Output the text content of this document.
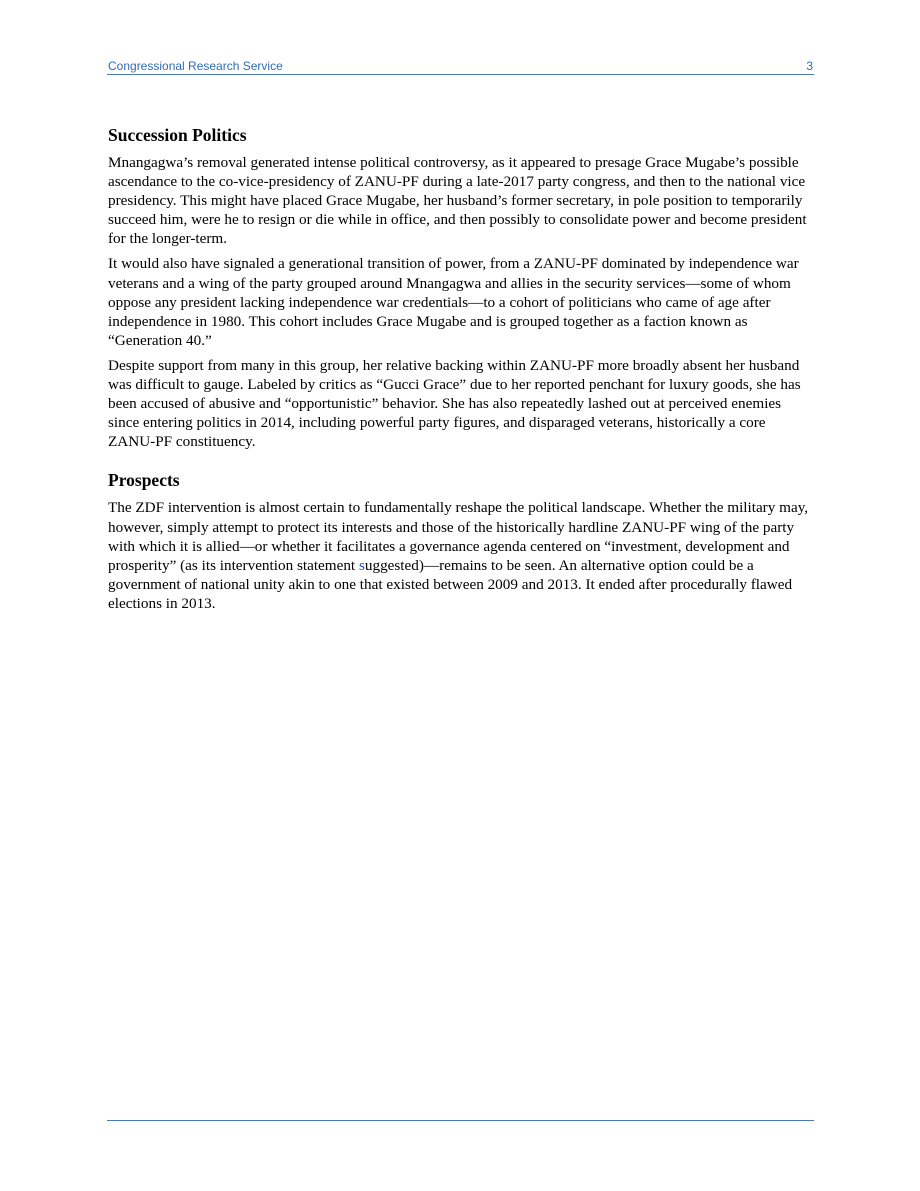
Congressional Research Service	3
Succession Politics

Mnangagwa’s removal generated intense political controversy, as it appeared to presage Grace Mugabe’s possible ascendance to the co-vice-presidency of ZANU-PF during a late-2017 party congress, and then to the national vice presidency. This might have placed Grace Mugabe, her husband’s former secretary, in pole position to temporarily succeed him, were he to resign or die while in office, and then possibly to consolidate power and become president for the longer-term.

It would also have signaled a generational transition of power, from a ZANU-PF dominated by independence war veterans and a wing of the party grouped around Mnangagwa and allies in the security services—some of whom oppose any president lacking independence war credentials—to a cohort of politicians who came of age after independence in 1980. This cohort includes Grace Mugabe and is grouped together as a faction known as “Generation 40.”

Despite support from many in this group, her relative backing within ZANU-PF more broadly absent her husband was difficult to gauge. Labeled by critics as “Gucci Grace” due to her reported penchant for luxury goods, she has been accused of abusive and “opportunistic” behavior. She has also repeatedly lashed out at perceived enemies since entering politics in 2014, including powerful party figures, and disparaged veterans, historically a core ZANU-PF constituency.

Prospects

The ZDF intervention is almost certain to fundamentally reshape the political landscape. Whether the military may, however, simply attempt to protect its interests and those of the historically hardline ZANU-PF wing of the party with which it is allied—or whether it facilitates a governance agenda centered on “investment, development and prosperity” (as its intervention statement suggested)—remains to be seen. An alternative option could be a government of national unity akin to one that existed between 2009 and 2013. It ended after procedurally flawed elections in 2013.
